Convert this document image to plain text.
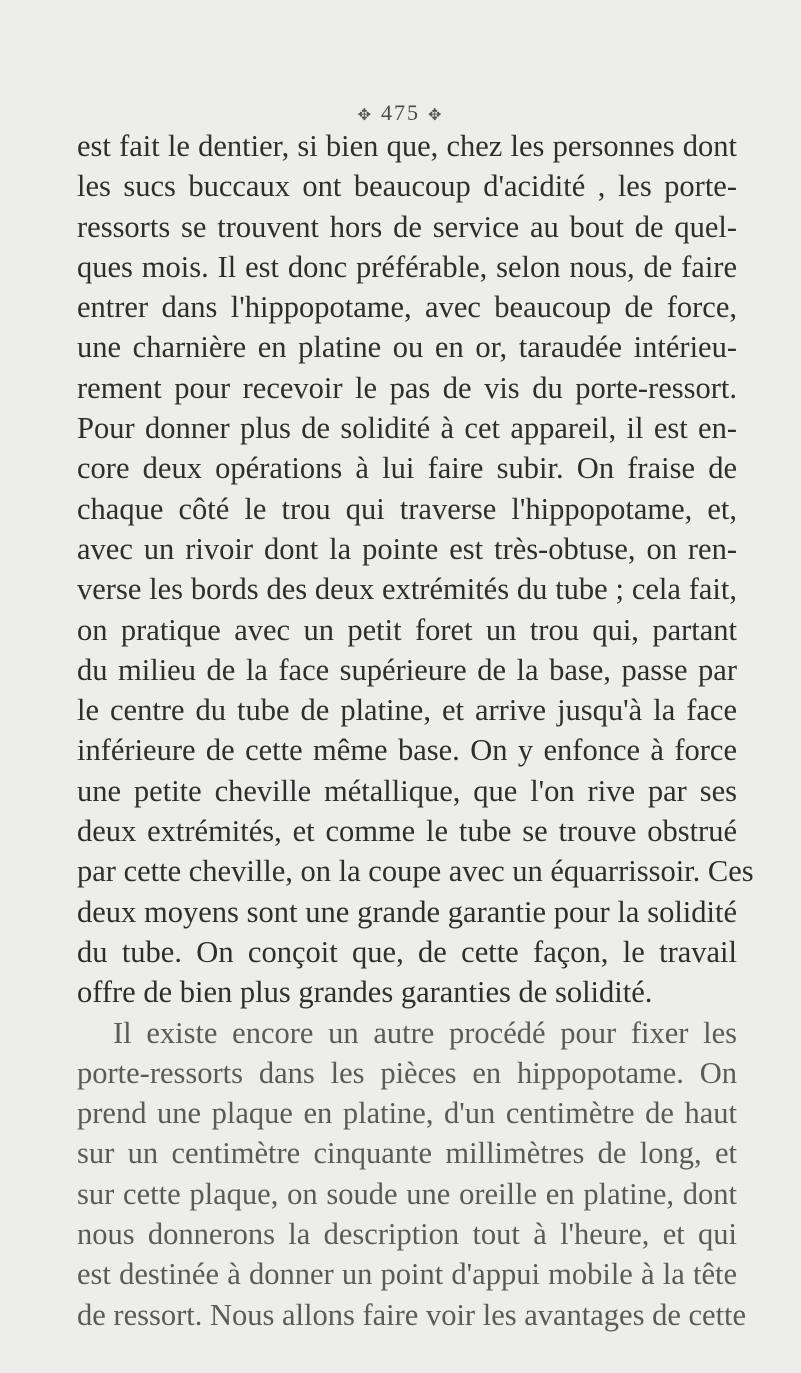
✥ 475 ✥
est fait le dentier, si bien que, chez les personnes dont
les sucs buccaux ont beaucoup d'acidité , les porte-
ressorts se trouvent hors de service au bout de quel-
ques mois. Il est donc préférable, selon nous, de faire
entrer dans l'hippopotame, avec beaucoup de force,
une charnière en platine ou en or, taraudée intérieu-
rement pour recevoir le pas de vis du porte-ressort.
Pour donner plus de solidité à cet appareil, il est en-
core deux opérations à lui faire subir. On fraise de
chaque côté le trou qui traverse l'hippopotame, et,
avec un rivoir dont la pointe est très-obtuse, on ren-
verse les bords des deux extrémités du tube ; cela fait,
on pratique avec un petit foret un trou qui, partant
du milieu de la face supérieure de la base, passe par
le centre du tube de platine, et arrive jusqu'à la face
inférieure de cette même base. On y enfonce à force
une petite cheville métallique, que l'on rive par ses
deux extrémités, et comme le tube se trouve obstrué
par cette cheville, on la coupe avec un équarrissoir. Ces
deux moyens sont une grande garantie pour la solidité
du tube. On conçoit que, de cette façon, le travail
offre de bien plus grandes garanties de solidité.
Il existe encore un autre procédé pour fixer les
porte-ressorts dans les pièces en hippopotame. On
prend une plaque en platine, d'un centimètre de haut
sur un centimètre cinquante millimètres de long, et
sur cette plaque, on soude une oreille en platine, dont
nous donnerons la description tout à l'heure, et qui
est destinée à donner un point d'appui mobile à la tête
de ressort. Nous allons faire voir les avantages de cette
